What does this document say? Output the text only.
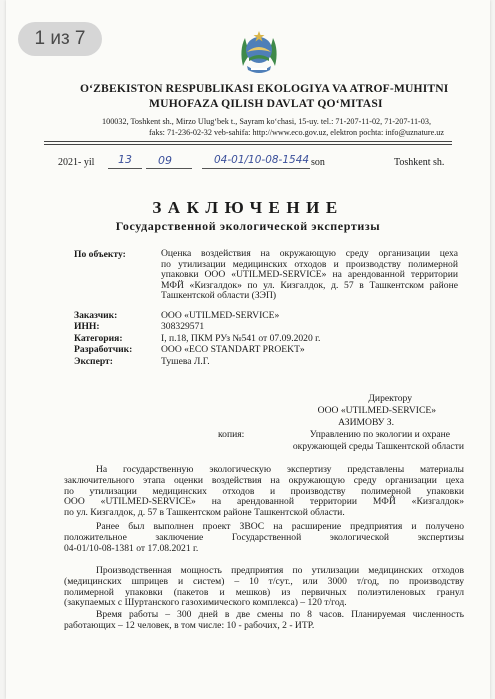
O‘ZBEKISTON RESPUBLIKASI EKOLOGIYA VA ATROF-MUHITNI
MUHOFAZA QILISH DAVLAT QO‘MITASI
100032, Toshkent sh., Mirzo Ulug‘bek t., Sayram ko‘chasi, 15-uy. tel.: 71-207-11-02, 71-207-11-03,
faks: 71-236-02-32 veb-sahifa: http://www.eco.gov.uz, elektron pochta: info@uznature.uz
2021- yil 13 09	04-01/10-08-1544 son	Toshkent sh.
ЗАКЛЮЧЕНИЕ
Государственной экологической экспертизы
По объекту:	Оценка воздействия на окружающую среду организации цеха
по утилизации медицинских отходов и производству полимерной
упаковки ООО «UTILMED-SERVICE» на арендованной территории
МФЙ «Кизгалдок» по ул. Кизгалдок, д. 57 в Ташкентском районе
Ташкентской области (ЗЭП)
Заказчик:	ООО «UTILMED-SERVICE»
ИНН:	308329571
Категория:	I, п.18, ПКМ РУз №541 от 07.09.2020 г.
Разработчик:	ООО «ECO STANDART PROEKT»
Эксперт:	Тушева Л.Г.
Директору
ООО «UTILMED-SERVICE»
АЗИМОВУ З.
копия:	Управлению по экологии и охране
окружающей среды Ташкентской области
На государственную экологическую экспертизу представлены материалы
заключительного этапа оценки воздействия на окружающую среду организации цеха
по утилизации медицинских отходов и производству полимерной упаковки
ООО «UTILMED-SERVICE» на арендованной территории МФЙ «Кизгалдок»
по ул. Кизгалдок, д. 57 в Ташкентском районе Ташкентской области.
Ранее был выполнен проект ЗВОС на расширение предприятия и получено
положительное заключение Государственной экологической экспертизы
04-01/10-08-1381 от 17.08.2021 г.
Производственная мощность предприятия по утилизации медицинских отходов
(медицинских шприцев и систем) – 10 т/сут., или 3000 т/год, по производству
полимерной упаковки (пакетов и мешков) из первичных полиэтиленовых гранул
(закупаемых с Шуртанского газохимического комплекса) – 120 т/год.
Время работы – 300 дней в две смены по 8 часов. Планируемая численность
работающих – 12 человек, в том числе: 10 - рабочих, 2 - ИТР.
1 из 7
